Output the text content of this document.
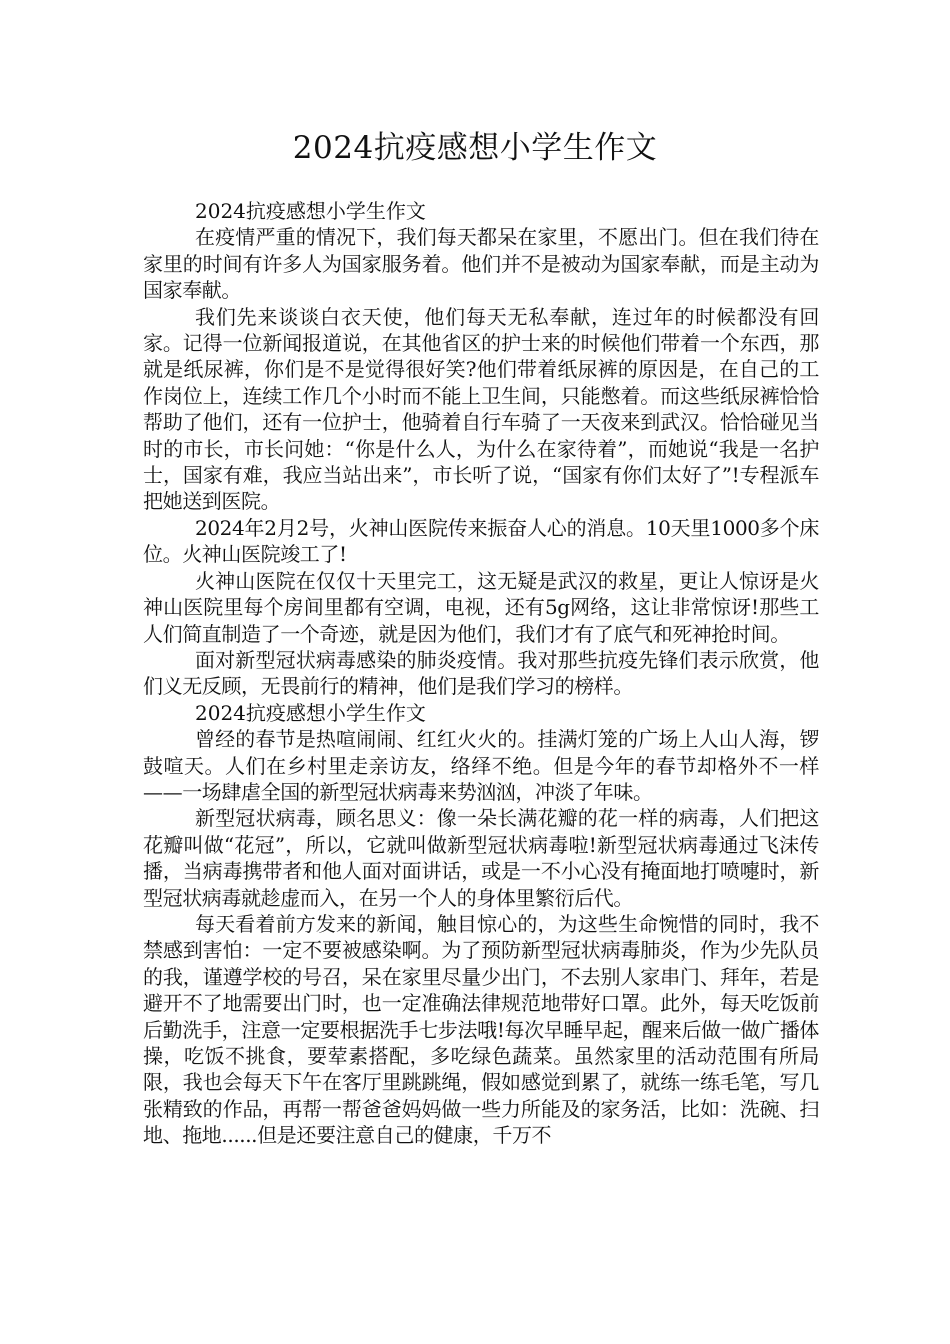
2024抗疫感想小学生作文

2024抗疫感想小学生作文

在疫情严重的情况下，我们每天都呆在家里，不愿出门。但在我们待在家里的时间有许多人为国家服务着。他们并不是被动为国家奉献，而是主动为国家奉献。

我们先来谈谈白衣天使，他们每天无私奉献，连过年的时候都没有回家。记得一位新闻报道说，在其他省区的护士来的时候他们带着一个东西，那就是纸尿裤，你们是不是觉得很好笑?他们带着纸尿裤的原因是，在自己的工作岗位上，连续工作几个小时而不能上卫生间，只能憋着。而这些纸尿裤恰恰帮助了他们，还有一位护士，他骑着自行车骑了一天夜来到武汉。恰恰碰见当时的市长，市长问她：“你是什么人，为什么在家待着”，而她说“我是一名护士，国家有难，我应当站出来”，市长听了说，“国家有你们太好了”!专程派车把她送到医院。

2024年2月2号，火神山医院传来振奋人心的消息。10天里1000多个床位。火神山医院竣工了!

火神山医院在仅仅十天里完工，这无疑是武汉的救星，更让人惊讶是火神山医院里每个房间里都有空调，电视，还有5g网络，这让非常惊讶!那些工人们简直制造了一个奇迹，就是因为他们，我们才有了底气和死神抢时间。

面对新型冠状病毒感染的肺炎疫情。我对那些抗疫先锋们表示欣赏，他们义无反顾，无畏前行的精神，他们是我们学习的榜样。

2024抗疫感想小学生作文

曾经的春节是热喧闹闹、红红火火的。挂满灯笼的广场上人山人海，锣鼓喧天。人们在乡村里走亲访友，络绎不绝。但是今年的春节却格外不一样——一场肆虐全国的新型冠状病毒来势汹汹，冲淡了年味。

新型冠状病毒，顾名思义：像一朵长满花瓣的花一样的病毒，人们把这花瓣叫做“花冠”，所以，它就叫做新型冠状病毒啦!新型冠状病毒通过飞沫传播，当病毒携带者和他人面对面讲话，或是一不小心没有掩面地打喷嚏时，新型冠状病毒就趁虚而入，在另一个人的身体里繁衍后代。

每天看着前方发来的新闻，触目惊心的，为这些生命惋惜的同时，我不禁感到害怕：一定不要被感染啊。为了预防新型冠状病毒肺炎，作为少先队员的我，谨遵学校的号召，呆在家里尽量少出门，不去别人家串门、拜年，若是避开不了地需要出门时，也一定准确法律规范地带好口罩。此外，每天吃饭前后勤洗手，注意一定要根据洗手七步法哦!每次早睡早起，醒来后做一做广播体操，吃饭不挑食，要荤素搭配，多吃绿色蔬菜。虽然家里的活动范围有所局限，我也会每天下午在客厅里跳跳绳，假如感觉到累了，就练一练毛笔，写几张精致的作品，再帮一帮爸爸妈妈做一些力所能及的家务活，比如：洗碗、扫地、拖地......但是还要注意自己的健康，千万不
